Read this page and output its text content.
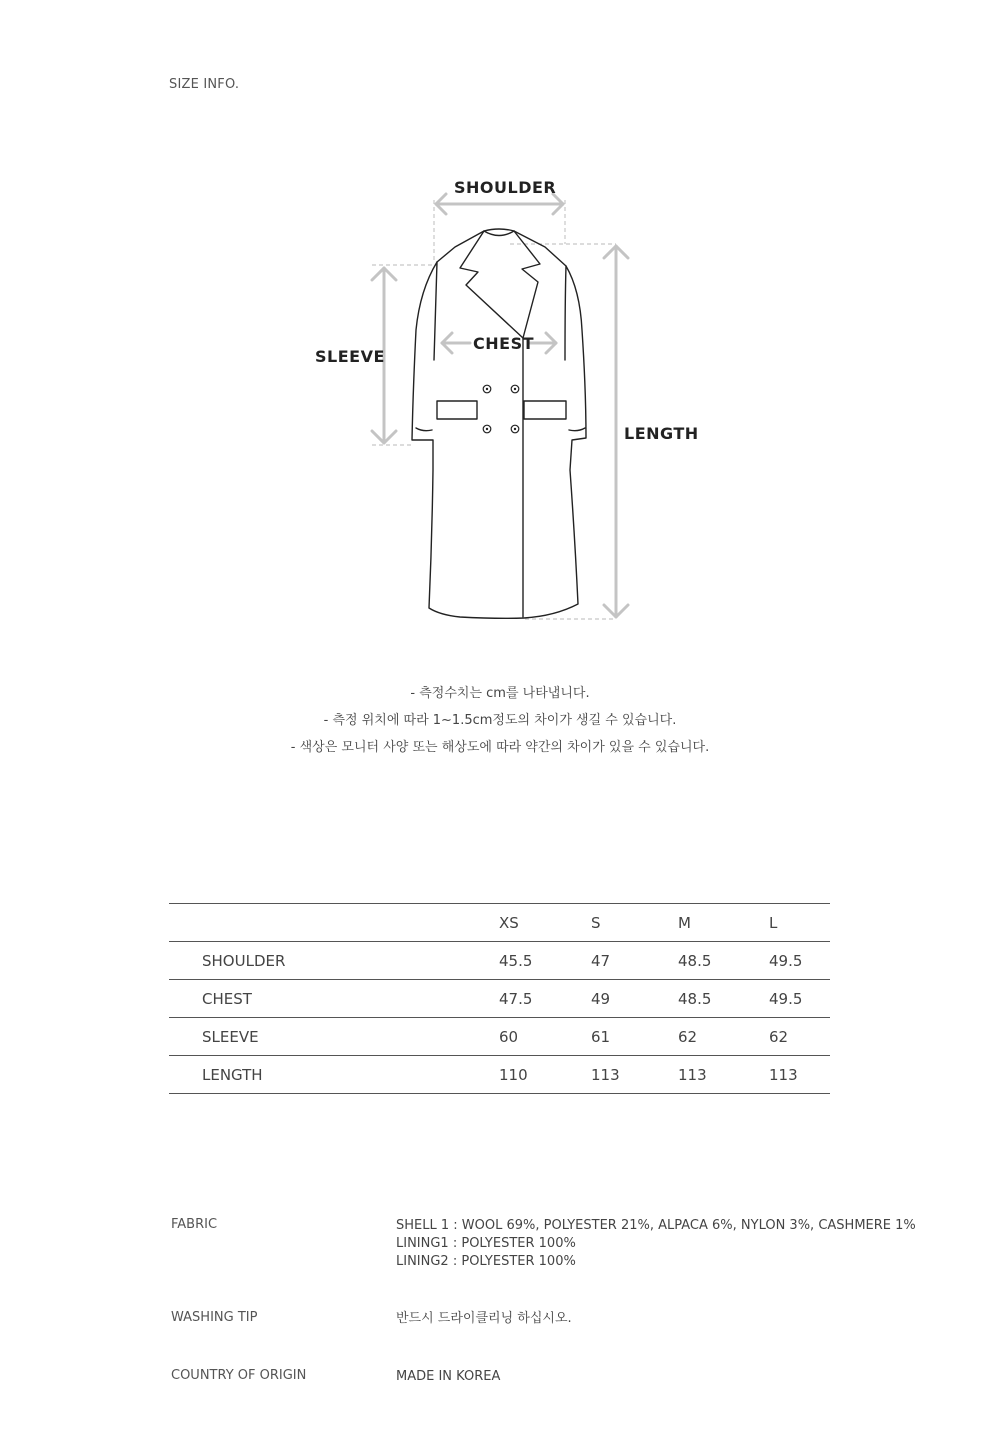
SIZE INFO.
SHOULDER
CHEST
SLEEVE
LENGTH
- 측정수치는 cm를 나타냅니다.
- 측정 위치에 따라 1~1.5cm정도의 차이가 생길 수 있습니다.
- 색상은 모니터 사양 또는 해상도에 따라 약간의 차이가 있을 수 있습니다.
	XS	S	M	L
SHOULDER	45.5	47	48.5	49.5
CHEST	47.5	49	48.5	49.5
SLEEVE	60	61	62	62
LENGTH	110	113	113	113
FABRIC	SHELL 1 : WOOL 69%, POLYESTER 21%, ALPACA 6%, NYLON 3%, CASHMERE 1%
LINING1 : POLYESTER 100%
LINING2 : POLYESTER 100%
WASHING TIP	반드시 드라이클리닝 하십시오.
COUNTRY OF ORIGIN	MADE IN KOREA
